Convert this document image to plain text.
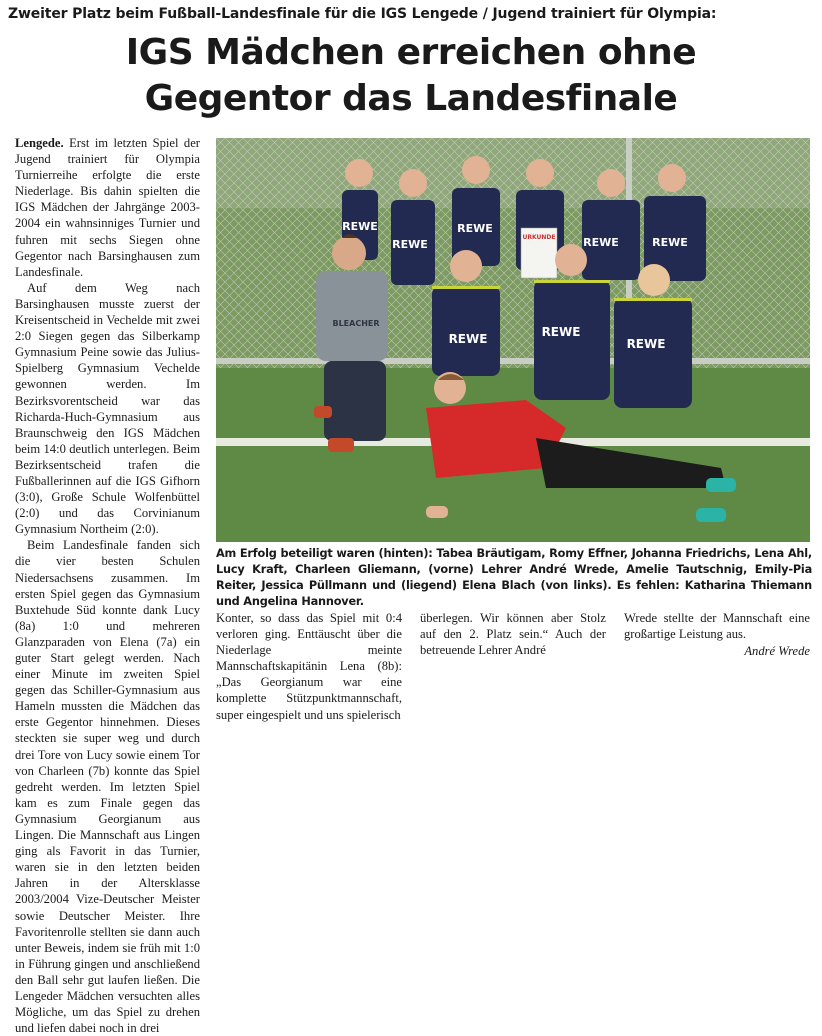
Zweiter Platz beim Fußball-Landesfinale für die IGS Lengede / Jugend trainiert für Olympia:
IGS Mädchen erreichen ohne
Gegentor das Landesfinale

Lengede. Erst im letzten Spiel der Jugend trainiert für Olympia Turnierreihe erfolgte die erste Niederlage. Bis dahin spielten die IGS Mädchen der Jahrgänge 2003-2004 ein wahnsinniges Turnier und fuhren mit sechs Siegen ohne Gegentor nach Barsinghausen zum Landesfinale.

Auf dem Weg nach Barsinghausen musste zuerst der Kreisentscheid in Vechelde mit zwei 2:0 Siegen gegen das Silberkamp Gymnasium Peine sowie das Julius-Spielberg Gymnasium Vechelde gewonnen werden. Im Bezirksvorentscheid war das Richarda-Huch-Gymnasium aus Braunschweig den IGS Mädchen beim 14:0 deutlich unterlegen. Beim Bezirksentscheid trafen die Fußballerinnen auf die IGS Gifhorn (3:0), Große Schule Wolfenbüttel (2:0) und das Corvinianum Gymnasium Northeim (2:0).

Beim Landesfinale fanden sich die vier besten Schulen Niedersachsens zusammen. Im ersten Spiel gegen das Gymnasium Buxtehude Süd konnte dank Lucy (8a) 1:0 und mehreren Glanzparaden von Elena (7a) ein guter Start gelegt werden. Nach einer Minute im zweiten Spiel gegen das Schiller-Gymnasium aus Hameln mussten die Mädchen das erste Gegentor hinnehmen. Dieses steckten sie super weg und durch drei Tore von Lucy sowie einem Tor von Charleen (7b) konnte das Spiel gedreht werden. Im letzten Spiel kam es zum Finale gegen das Gymnasium Georgianum aus Lingen. Die Mannschaft aus Lingen ging als Favorit in das Turnier, waren sie in den letzten beiden Jahren in der Altersklasse 2003/2004 Vize-Deutscher Meister sowie Deutscher Meister. Ihre Favoritenrolle stellten sie dann auch unter Beweis, indem sie früh mit 1:0 in Führung gingen und anschließend den Ball sehr gut laufen ließen. Die Lengeder Mädchen versuchten alles Mögliche, um das Spiel zu drehen und liefen dabei noch in drei

REWE
REWE
REWE
REWE	REWE
URKUNDE
BLEACHER
REWE	REWE
REWE
Am Erfolg beteiligt waren (hinten): Tabea Bräutigam, Romy Effner, Johanna Friedrichs, Lena Ahl, Lucy Kraft, Charleen Gliemann, (vorne) Lehrer André Wrede, Amelie Tautschnig, Emily-Pia Reiter, Jessica Püllmann und (liegend) Elena Blach (von links). Es fehlen: Katharina Thiemann und Angelina Hannover.

Konter, so dass das Spiel mit 0:4 verloren ging. Enttäuscht über die Niederlage meinte Mannschaftskapitänin Lena (8b): „Das Georgianum war eine komplette Stützpunktmannschaft, super eingespielt und uns spielerisch

überlegen. Wir können aber Stolz auf den 2. Platz sein.“ Auch der betreuende Lehrer André

Wrede stellte der Mannschaft eine großartige Leistung aus.

André Wrede
